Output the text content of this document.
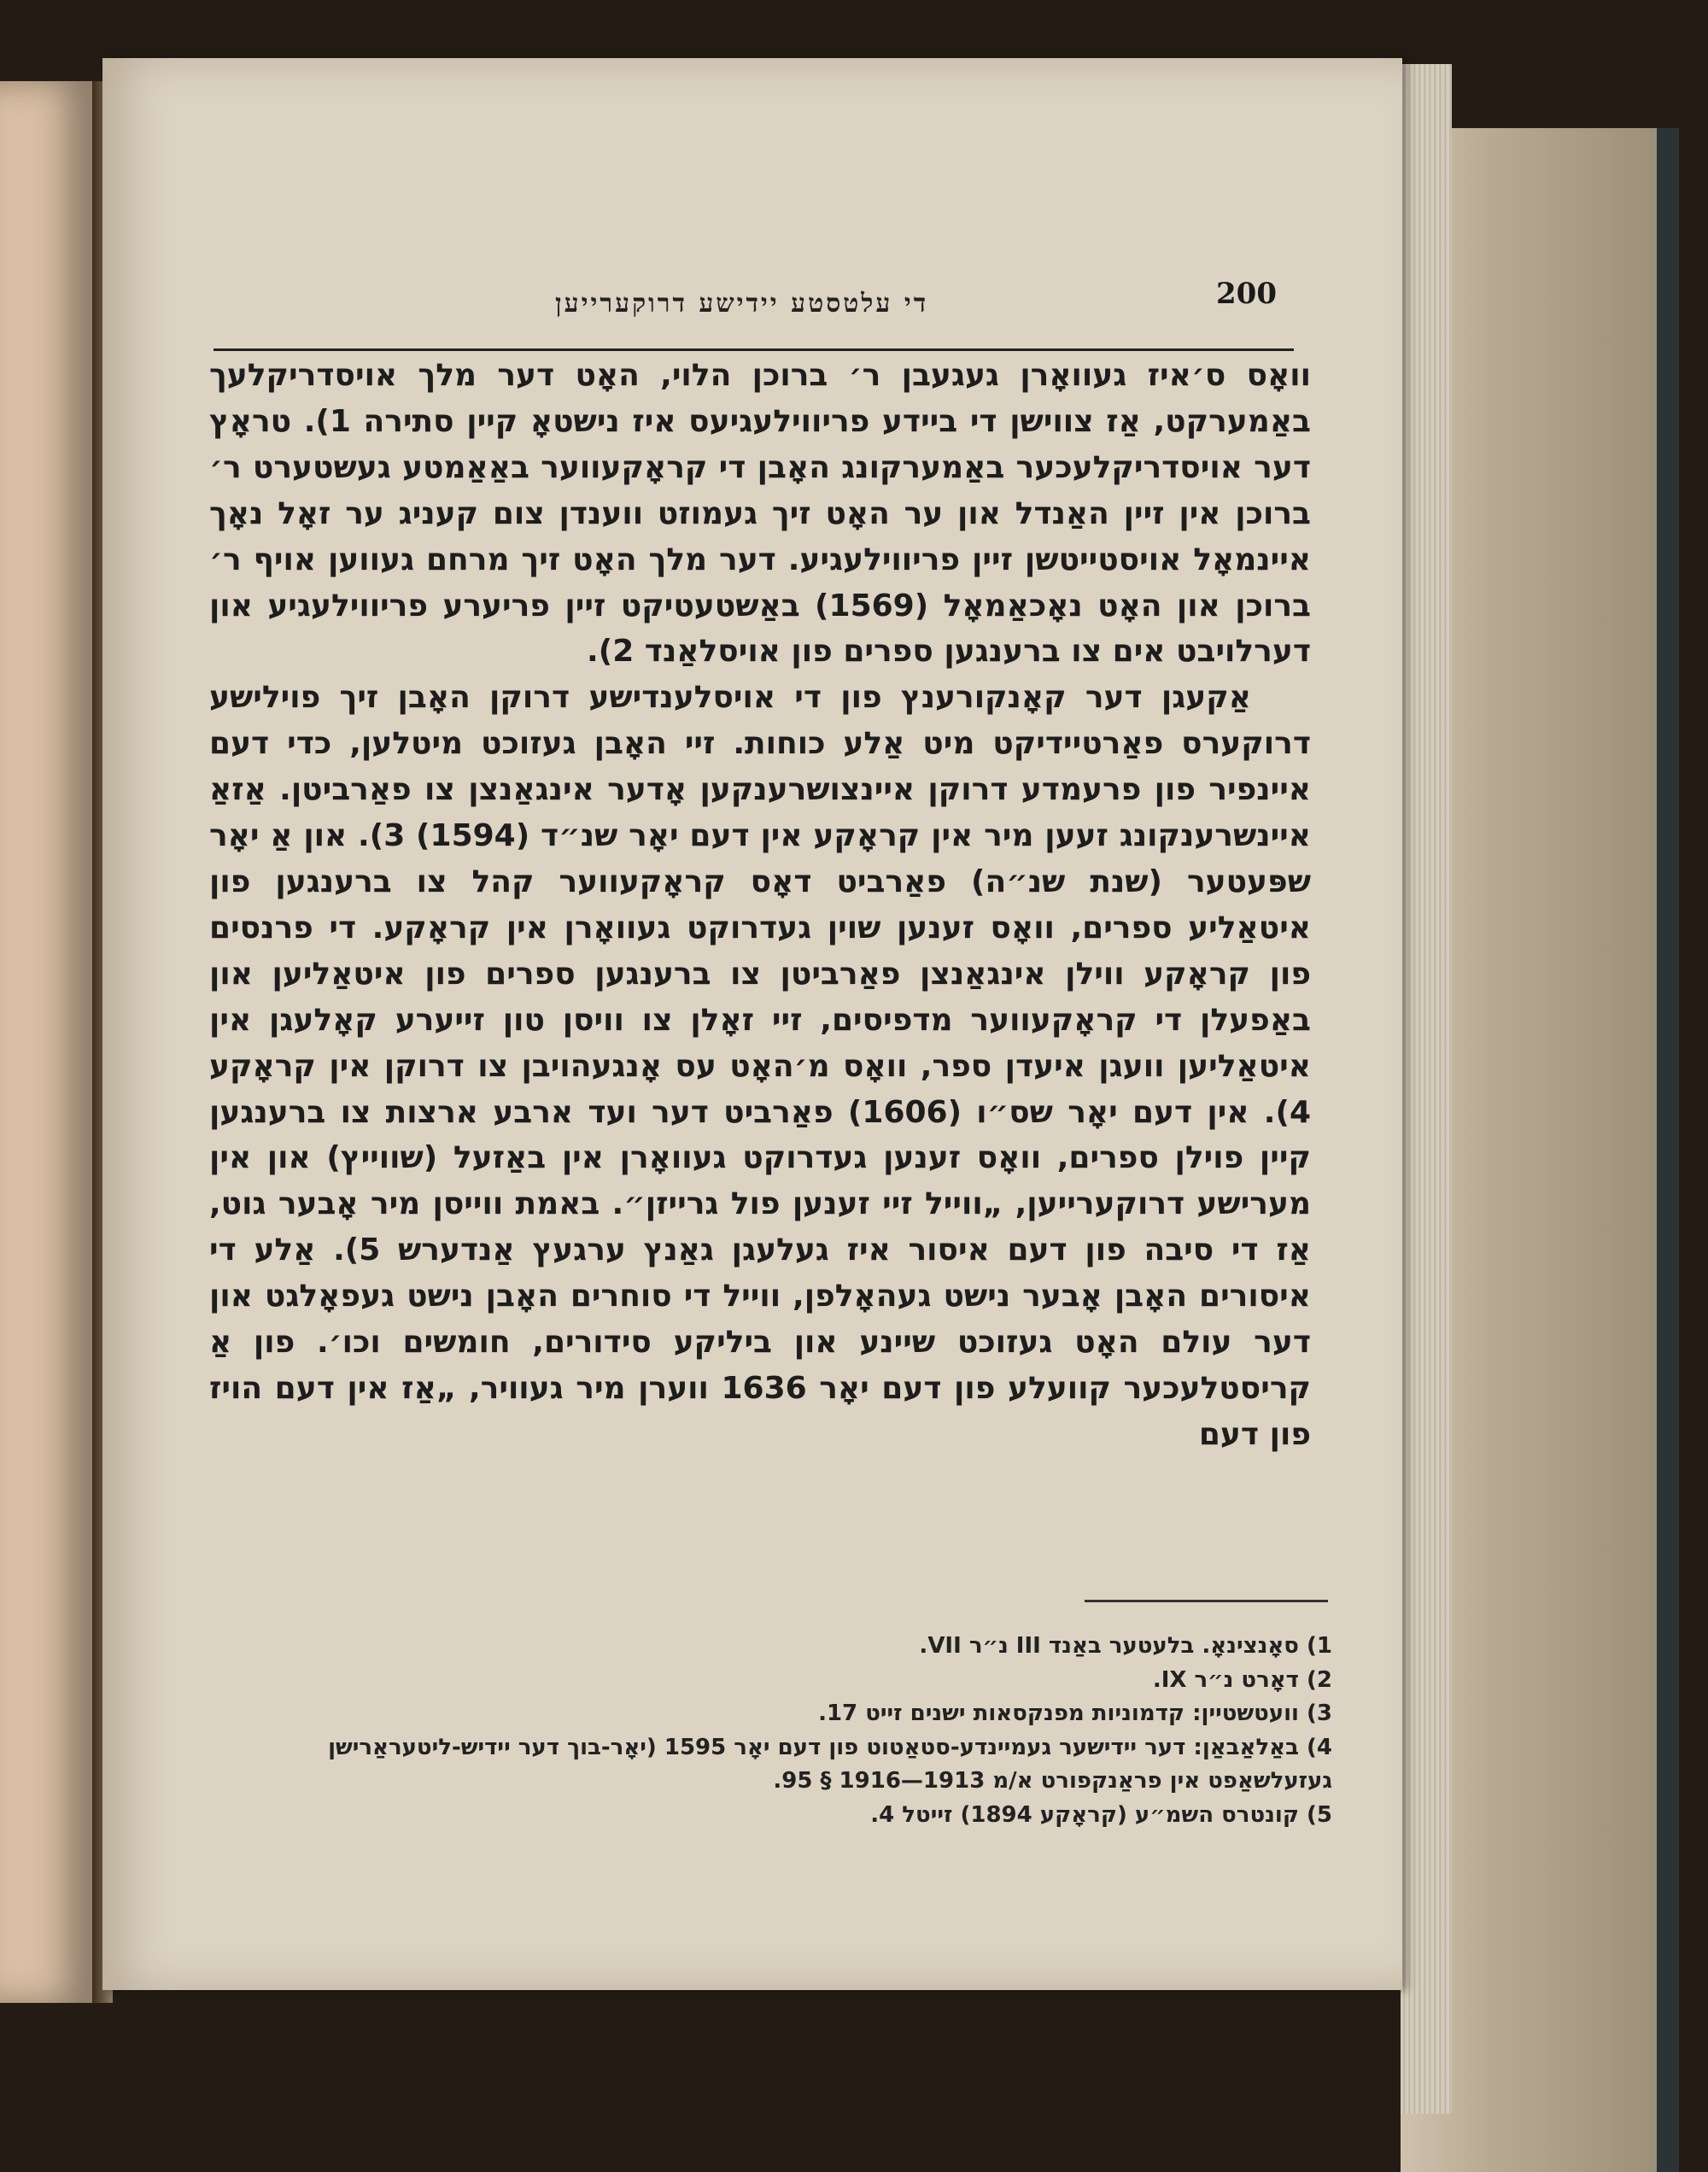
200
די עלטסטע יידישע דרוקערייען

וואָס ס׳איז געוואָרן געגעבן ר׳ ברוכן הלוי, האָט דער מלך אויסדריקלעך באַמערקט, אַז צווישן די ביידע פריווילעגיעס איז נישטאָ קיין סתירה 1). טראָץ דער אויסדריקלעכער באַמערקונג האָבן די קראָקעווער באַאַמטע געשטערט ר׳ ברוכן אין זיין האַנדל און ער האָט זיך געמוזט ווענדן צום קעניג ער זאָל נאָך איינמאָל אויסטייטשן זיין פריווילעגיע. דער מלך האָט זיך מרחם געווען אויף ר׳ ברוכן און האָט נאָכאַמאָל (1569) באַשטעטיקט זיין פריערע פריווילעגיע און דערלויבט אים צו ברענגען ספרים פון אויסלאַנד 2).

אַקעגן דער קאָנקורענץ פון די אויסלענדישע דרוקן האָבן זיך פוילישע דרוקערס פאַרטיידיקט מיט אַלע כוחות. זיי האָבן געזוכט מיטלען, כדי דעם איינפיר פון פרעמדע דרוקן איינצושרענקען אָדער אינגאַנצן צו פאַרביטן. אַזאַ איינשרענקונג זעען מיר אין קראָקע אין דעם יאָר שנ״ד (1594) 3). און אַ יאָר שפּעטער (שנת שנ״ה) פאַרביט דאָס קראָקעווער קהל צו ברענגען פון איטאַליע ספרים, וואָס זענען שוין געדרוקט געוואָרן אין קראָקע. די פרנסים פון קראָקע ווילן אינגאַנצן פאַרביטן צו ברענגען ספרים פון איטאַליען און באַפעלן די קראָקעווער מדפיסים, זיי זאָלן צו וויסן טון זייערע קאָלעגן אין איטאַליען וועגן איעדן ספר, וואָס מ׳האָט עס אָנגעהויבן צו דרוקן אין קראָקע 4). אין דעם יאָר שס״ו (1606) פאַרביט דער ועד ארבע ארצות צו ברענגען קיין פוילן ספרים, וואָס זענען געדרוקט געוואָרן אין באַזעל (שווייץ) און אין מערישע דרוקערייען, „ווייל זיי זענען פול גרייזן״. באמת ווייסן מיר אָבער גוט, אַז די סיבה פון דעם איסור איז געלעגן גאַנץ ערגעץ אַנדערש 5). אַלע די איסורים האָבן אָבער נישט געהאָלפן, ווייל די סוחרים האָבן נישט געפאָלגט און דער עולם האָט געזוכט שיינע און ביליקע סידורים, חומשים וכו׳. פון אַ קריסטלעכער קוועלע פון דעם יאָר 1636 ווערן מיר געוויר, „אַז אין דעם הויז פון דעם

1) סאָנצינאָ. בלעטער באַנד III נ״ר VII.
2) דאָרט נ״ר IX.
3) וועטשטיין: קדמוניות מפנקסאות ישנים זייט 17.
4) באַלאַבאַן: דער יידישער געמיינדע-סטאַטוט פון דעם יאָר 1595 (יאָר-בוך דער יידיש-ליטעראַרישן געזעלשאַפט אין פראַנקפורט א/מ 1913—1916 § 95.
5) קונטרס השמ״ע (קראָקע 1894) זייטל 4.
